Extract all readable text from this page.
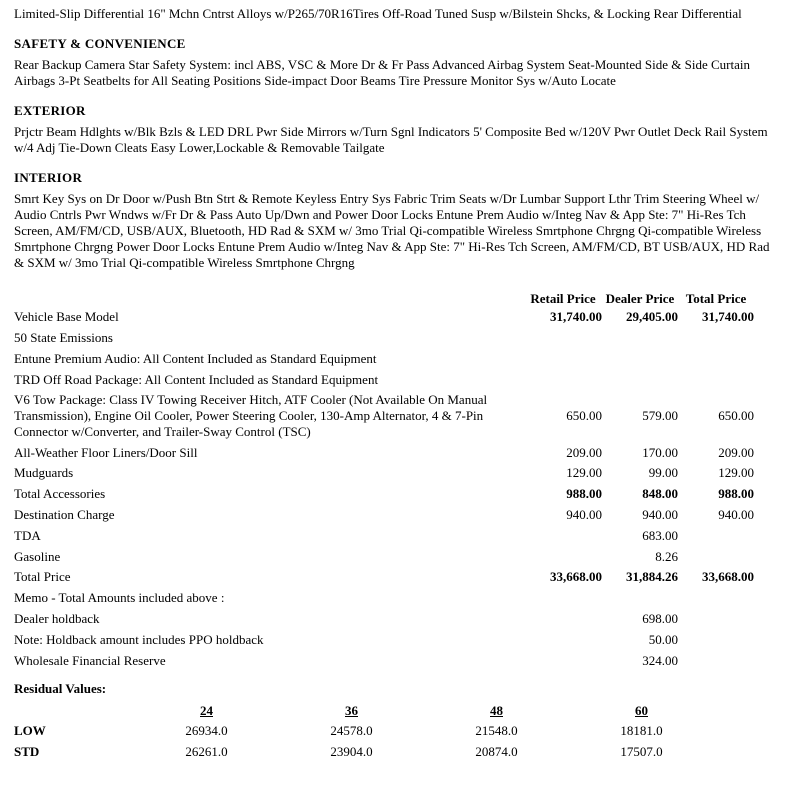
Limited-Slip Differential 16" Mchn Cntrst Alloys w/P265/70R16Tires Off-Road Tuned Susp w/Bilstein Shcks, & Locking Rear Differential

SAFETY & CONVENIENCE

Rear Backup Camera Star Safety System: incl ABS, VSC & More Dr & Fr Pass Advanced Airbag System Seat-Mounted Side & Side Curtain Airbags 3-Pt Seatbelts for All Seating Positions Side-impact Door Beams Tire Pressure Monitor Sys w/Auto Locate

EXTERIOR

Prjctr Beam Hdlghts w/Blk Bzls & LED DRL Pwr Side Mirrors w/Turn Sgnl Indicators 5' Composite Bed w/120V Pwr Outlet Deck Rail System w/4 Adj Tie-Down Cleats Easy Lower,Lockable & Removable Tailgate

INTERIOR

Smrt Key Sys on Dr Door w/Push Btn Strt & Remote Keyless Entry Sys Fabric Trim Seats w/Dr Lumbar Support Lthr Trim Steering Wheel w/ Audio Cntrls Pwr Wndws w/Fr Dr & Pass Auto Up/Dwn and Power Door Locks Entune Prem Audio w/Integ Nav & App Ste: 7" Hi-Res Tch Screen, AM/FM/CD, USB/AUX, Bluetooth, HD Rad & SXM w/ 3mo Trial Qi-compatible Wireless Smrtphone Chrgng Qi-compatible Wireless Smrtphone Chrgng Power Door Locks Entune Prem Audio w/Integ Nav & App Ste: 7" Hi-Res Tch Screen, AM/FM/CD, BT USB/AUX, HD Rad & SXM w/ 3mo Trial Qi-compatible Wireless Smrtphone Chrgng

	Retail Price	Dealer Price	Total Price
Vehicle Base Model	31,740.00	29,405.00	31,740.00
50 State Emissions			
Entune Premium Audio: All Content Included as Standard Equipment			
TRD Off Road Package: All Content Included as Standard Equipment			
V6 Tow Package: Class IV Towing Receiver Hitch, ATF Cooler (Not Available On Manual Transmission), Engine Oil Cooler, Power Steering Cooler, 130-Amp Alternator, 4 & 7-Pin Connector w/Converter, and Trailer-Sway Control (TSC)	650.00	579.00	650.00
All-Weather Floor Liners/Door Sill	209.00	170.00	209.00
Mudguards	129.00	99.00	129.00
Total Accessories	988.00	848.00	988.00
Destination Charge	940.00	940.00	940.00
TDA		683.00	
Gasoline		8.26	
Total Price	33,668.00	31,884.26	33,668.00
Memo - Total Amounts included above :			
Dealer holdback		698.00	
Note: Holdback amount includes PPO holdback		50.00	
Wholesale Financial Reserve		324.00	
Residual Values:
	24	36	48	60
LOW	26934.0	24578.0	21548.0	18181.0
STD	26261.0	23904.0	20874.0	17507.0
